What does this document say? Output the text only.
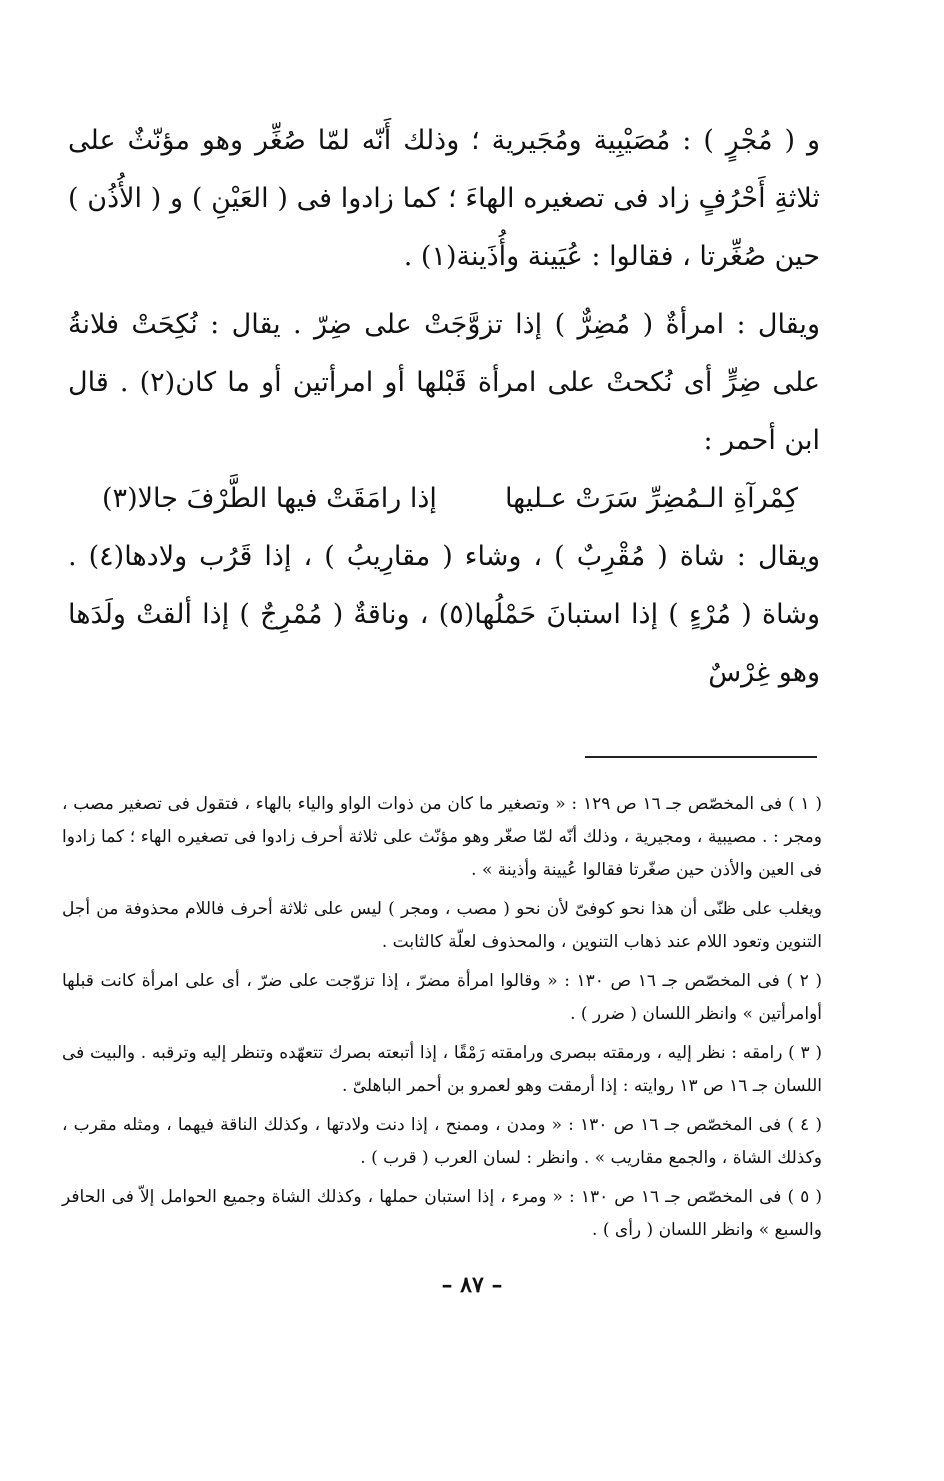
و ( مُجْرٍ ) : مُصَيْبِية ومُجَيرية ؛ وذلك أَنّه لمّا صُغِّر وهو مؤنّثٌ على ثلاثةِ أَحْرُفٍ زاد فى تصغيره الهاءَ ؛ كما زادوا فى ( العَيْنِ ) و ( الأُذُن ) حين صُغِّرتا ، فقالوا : عُيَينة وأُذَينة(١) .

ويقال : امرأةٌ ( مُضِرٌّ ) إذا تزوَّجَتْ على ضِرّ . يقال : نُكِحَتْ فلانةُ على ضِرٍّ أى نُكحتْ على امرأة قَبْلها أو امرأتين أو ما كان(٢) . قال ابن أحمر :

كِمْرآةِ الـمُضِرِّ سَرَتْ عـليها
إذا رامَقَتْ فيها الطَّرْفَ جالا(٣)

ويقال : شاة ( مُقْرِبٌ ) ، وشاء ( مقارِيبُ ) ، إذا قَرُب ولادها(٤) . وشاة ( مُرْءٍ ) إذا استبانَ حَمْلُها(٥) ، وناقةٌ ( مُمْرِجٌ ) إذا ألقتْ ولَدَها وهو غِرْسٌ

( ١ ) فى المخصّص جـ ١٦ ص ١٢٩ : « وتصغير ما كان من ذوات الواو والياء بالهاء ، فتقول فى تصغير مصب ، ومجر : . مصيبية ، ومجيرية ، وذلك أنّه لمّا صغّر وهو مؤنّث على ثلاثة أحرف زادوا فى تصغيره الهاء ؛ كما زادوا فى العين والأذن حين صغّرتا فقالوا عُيينة وأذينة » .

ويغلب على ظنّى أن هذا نحو كوفىّ لأن نحو ( مصب ، ومجر ) ليس على ثلاثة أحرف فاللام محذوفة من أجل التنوين وتعود اللام عند ذهاب التنوين ، والمحذوف لعلّة كالثابت .

( ٢ ) فى المخصّص جـ ١٦ ص ١٣٠ : « وقالوا امرأة مضرّ ، إذا تزوّجت على ضرّ ، أى على امرأة كانت قبلها أوامرأتين » وانظر اللسان ( ضرر ) .

( ٣ ) رامقه : نظر إليه ، ورمقته ببصرى ورامقته رَمْقًا ، إذا أتبعته بصرك تتعهّده وتنظر إليه وترقبه . والبيت فى اللسان جـ ١٦ ص ١٣ روايته : إذا أرمقت وهو لعمرو بن أحمر الباهلىّ .

( ٤ ) فى المخصّص جـ ١٦ ص ١٣٠ : « ومدن ، وممنح ، إذا دنت ولادتها ، وكذلك الناقة فيهما ، ومثله مقرب ، وكذلك الشاة ، والجمع مقاريب » . وانظر : لسان العرب ( قرب ) .

( ٥ ) فى المخصّص جـ ١٦ ص ١٣٠ : « ومرء ، إذا استبان حملها ، وكذلك الشاة وجميع الحوامل إلاّ فى الحافر والسبع » وانظر اللسان ( رأى ) .

– ٨٧ –
